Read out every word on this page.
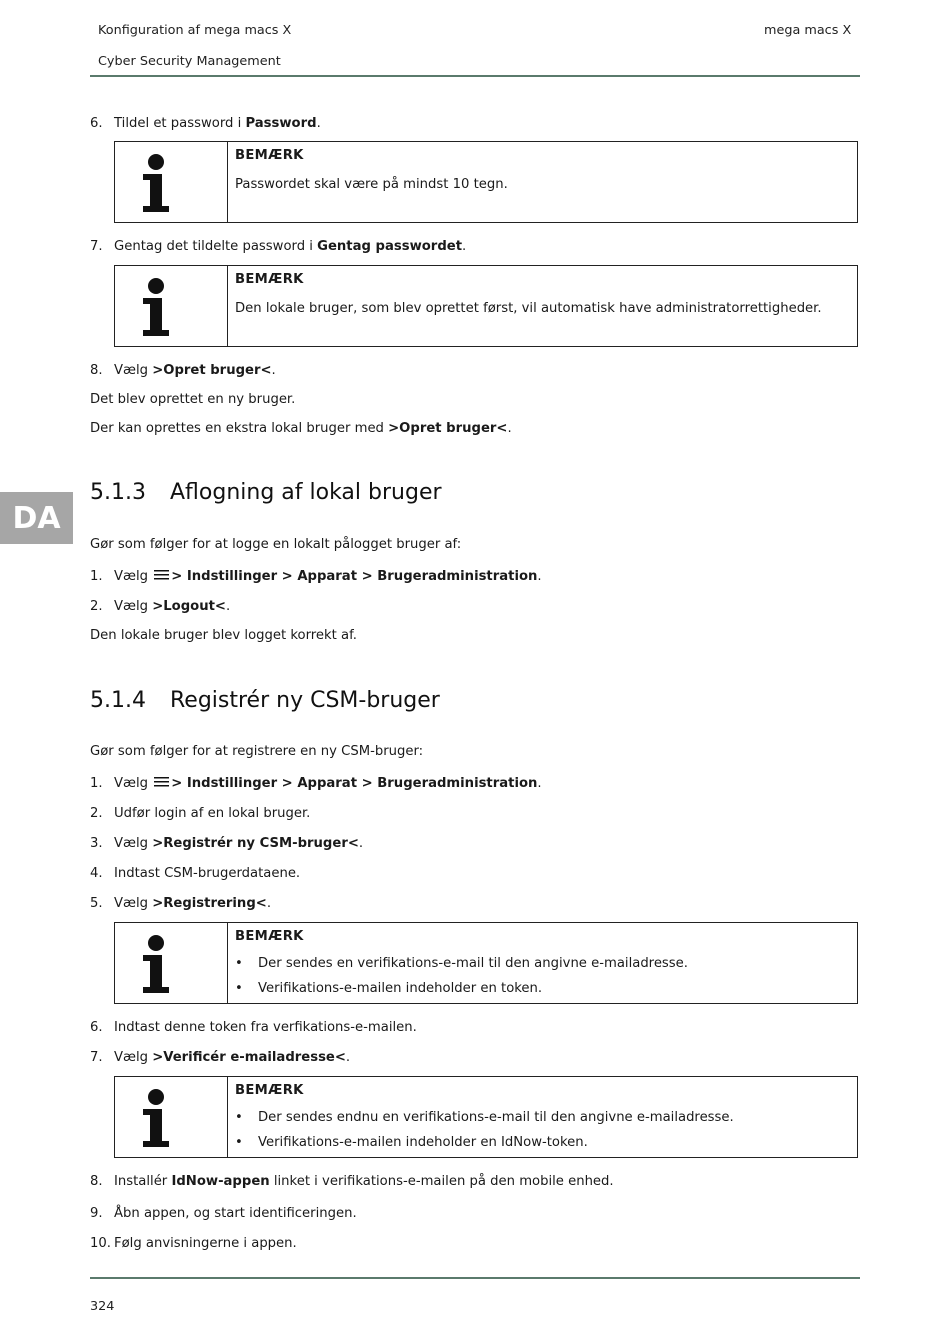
Konfiguration af mega macs X	mega macs X
Cyber Security Management
DA
6. Tildel et password i Password.
BEMÆRK
Passwordet skal være på mindst 10 tegn.
7. Gentag det tildelte password i Gentag passwordet.
BEMÆRK
Den lokale bruger, som blev oprettet først, vil automatisk have administratorrettigheder.
8. Vælg >Opret bruger<.
Det blev oprettet en ny bruger.
Der kan oprettes en ekstra lokal bruger med >Opret bruger<.
5.1.3 Aflogning af lokal bruger
Gør som følger for at logge en lokalt pålogget bruger af:
1. Vælg > Indstillinger > Apparat > Brugeradministration.
2. Vælg >Logout<.
Den lokale bruger blev logget korrekt af.
5.1.4 Registrér ny CSM-bruger
Gør som følger for at registrere en ny CSM-bruger:
1. Vælg > Indstillinger > Apparat > Brugeradministration.
2. Udfør login af en lokal bruger.
3. Vælg >Registrér ny CSM-bruger<.
4. Indtast CSM-brugerdataene.
5. Vælg >Registrering<.
BEMÆRK
• Der sendes en verifikations-e-mail til den angivne e-mailadresse.
• Verifikations-e-mailen indeholder en token.
6. Indtast denne token fra verfikations-e-mailen.
7. Vælg >Verificér e-mailadresse<.
BEMÆRK
• Der sendes endnu en verifikations-e-mail til den angivne e-mailadresse.
• Verifikations-e-mailen indeholder en IdNow-token.
8. Installér IdNow-appen linket i verifikations-e-mailen på den mobile enhed.
9. Åbn appen, og start identificeringen.
10. Følg anvisningerne i appen.
324
